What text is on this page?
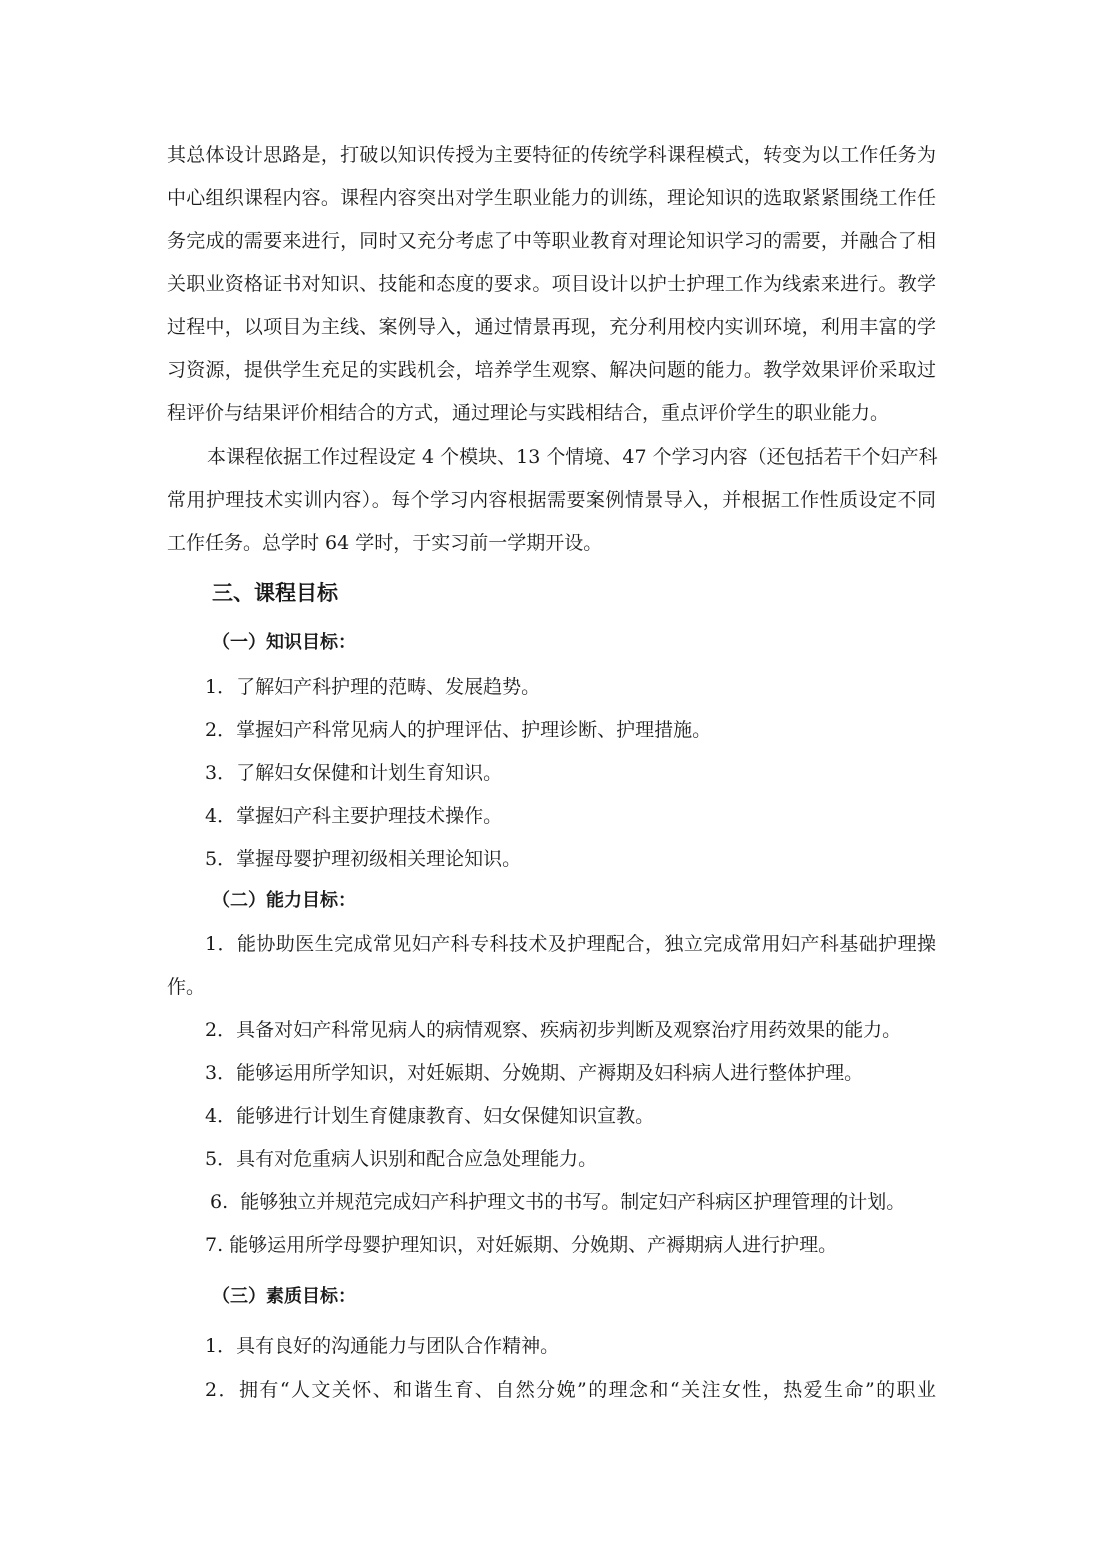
其总体设计思路是，打破以知识传授为主要特征的传统学科课程模式，转变为以工作任务为
中心组织课程内容。课程内容突出对学生职业能力的训练，理论知识的选取紧紧围绕工作任
务完成的需要来进行，同时又充分考虑了中等职业教育对理论知识学习的需要，并融合了相
关职业资格证书对知识、技能和态度的要求。项目设计以护士护理工作为线索来进行。教学
过程中，以项目为主线、案例导入，通过情景再现，充分利用校内实训环境，利用丰富的学
习资源，提供学生充足的实践机会，培养学生观察、解决问题的能力。教学效果评价采取过
程评价与结果评价相结合的方式，通过理论与实践相结合，重点评价学生的职业能力。
本课程依据工作过程设定 4 个模块、13 个情境、47 个学习内容（还包括若干个妇产科
常用护理技术实训内容）。每个学习内容根据需要案例情景导入，并根据工作性质设定不同
工作任务。总学时 64 学时，于实习前一学期开设。
三、课程目标
（一）知识目标：
1．了解妇产科护理的范畴、发展趋势。
2．掌握妇产科常见病人的护理评估、护理诊断、护理措施。
3．了解妇女保健和计划生育知识。
4．掌握妇产科主要护理技术操作。
5．掌握母婴护理初级相关理论知识。
（二）能力目标：
1．能协助医生完成常见妇产科专科技术及护理配合，独立完成常用妇产科基础护理操
作。
2．具备对妇产科常见病人的病情观察、疾病初步判断及观察治疗用药效果的能力。
3．能够运用所学知识，对妊娠期、分娩期、产褥期及妇科病人进行整体护理。
4．能够进行计划生育健康教育、妇女保健知识宣教。
5．具有对危重病人识别和配合应急处理能力。
6.  能够独立并规范完成妇产科护理文书的书写。制定妇产科病区护理管理的计划。
7. 能够运用所学母婴护理知识，对妊娠期、分娩期、产褥期病人进行护理。
（三）素质目标：
1．具有良好的沟通能力与团队合作精神。
2．拥有“人文关怀、和谐生育、自然分娩”的理念和“关注女性，热爱生命”的职业
